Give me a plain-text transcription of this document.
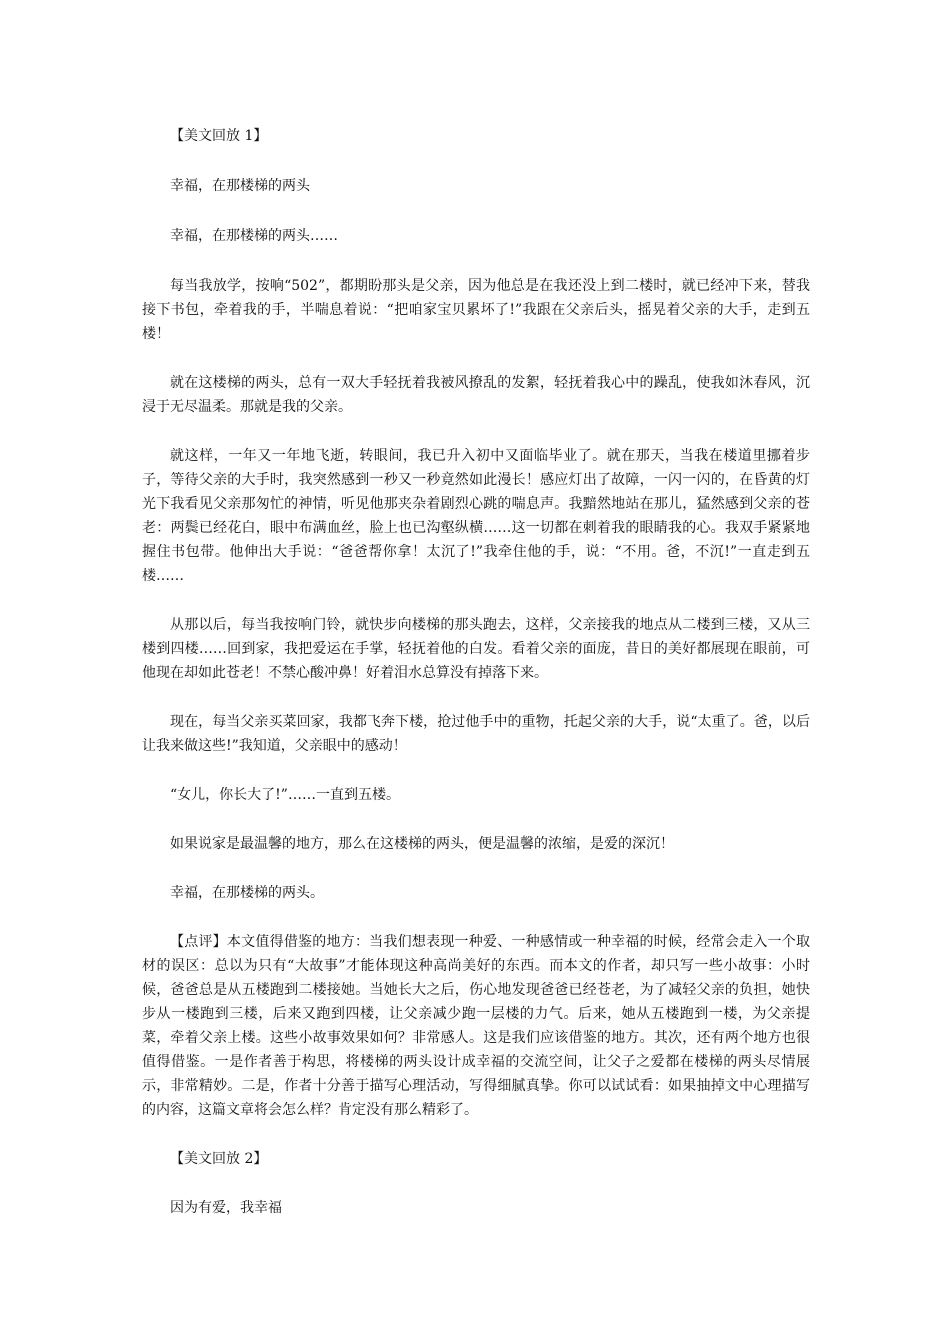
【美文回放 1】

幸福，在那楼梯的两头

幸福，在那楼梯的两头……

每当我放学，按响“502”，都期盼那头是父亲，因为他总是在我还没上到二楼时，就已经冲下来，替我接下书包，牵着我的手，半喘息着说：“把咱家宝贝累坏了!”我跟在父亲后头，摇晃着父亲的大手，走到五楼！

就在这楼梯的两头，总有一双大手轻抚着我被风撩乱的发絮，轻抚着我心中的躁乱，使我如沐春风，沉浸于无尽温柔。那就是我的父亲。

就这样，一年又一年地飞逝，转眼间，我已升入初中又面临毕业了。就在那天，当我在楼道里挪着步子，等待父亲的大手时，我突然感到一秒又一秒竟然如此漫长！感应灯出了故障，一闪一闪的，在昏黄的灯光下我看见父亲那匆忙的神情，听见他那夹杂着剧烈心跳的喘息声。我黯然地站在那儿，猛然感到父亲的苍老：两鬓已经花白，眼中布满血丝，脸上也已沟壑纵横……这一切都在刺着我的眼睛我的心。我双手紧紧地握住书包带。他伸出大手说：“爸爸帮你拿！太沉了!”我牵住他的手，说：“不用。爸，不沉!”一直走到五楼……

从那以后，每当我按响门铃，就快步向楼梯的那头跑去，这样，父亲接我的地点从二楼到三楼，又从三楼到四楼……回到家，我把爱运在手掌，轻抚着他的白发。看着父亲的面庞，昔日的美好都展现在眼前，可他现在却如此苍老！不禁心酸冲鼻！好着泪水总算没有掉落下来。

现在，每当父亲买菜回家，我都飞奔下楼，抢过他手中的重物，托起父亲的大手，说“太重了。爸，以后让我来做这些!”我知道，父亲眼中的感动！

“女儿，你长大了!”……一直到五楼。

如果说家是最温馨的地方，那么在这楼梯的两头，便是温馨的浓缩，是爱的深沉！

幸福，在那楼梯的两头。

【点评】本文值得借鉴的地方：当我们想表现一种爱、一种感情或一种幸福的时候，经常会走入一个取材的误区：总以为只有“大故事”才能体现这种高尚美好的东西。而本文的作者，却只写一些小故事：小时候，爸爸总是从五楼跑到二楼接她。当她长大之后，伤心地发现爸爸已经苍老，为了减轻父亲的负担，她快步从一楼跑到三楼，后来又跑到四楼，让父亲减少跑一层楼的力气。后来，她从五楼跑到一楼，为父亲提菜，牵着父亲上楼。这些小故事效果如何？非常感人。这是我们应该借鉴的地方。其次，还有两个地方也很值得借鉴。一是作者善于构思，将楼梯的两头设计成幸福的交流空间，让父子之爱都在楼梯的两头尽情展示，非常精妙。二是，作者十分善于描写心理活动，写得细腻真挚。你可以试试看：如果抽掉文中心理描写的内容，这篇文章将会怎么样？肯定没有那么精彩了。

【美文回放 2】

因为有爱，我幸福
